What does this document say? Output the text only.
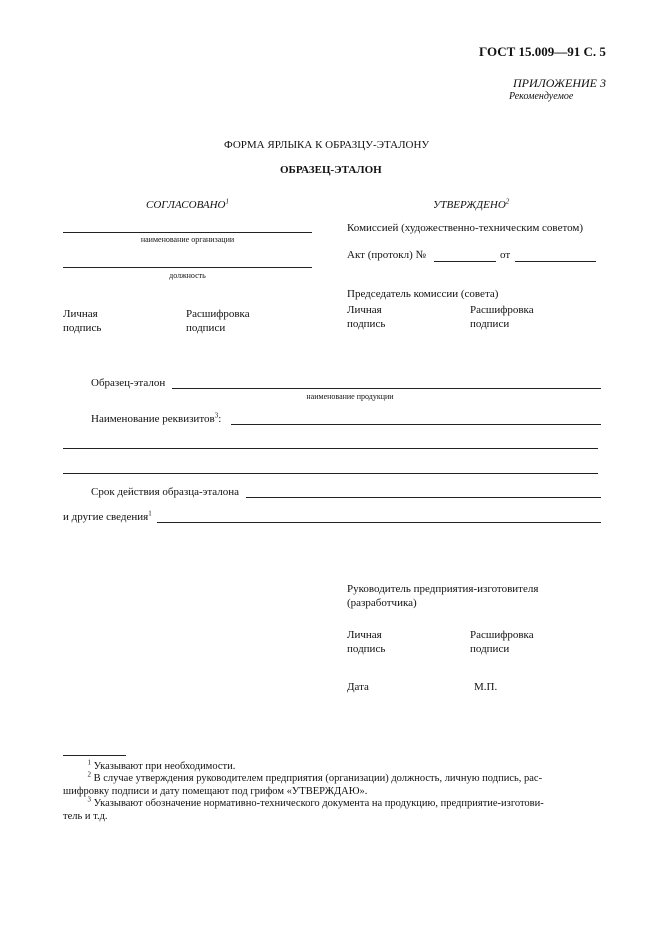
ГОСТ 15.009—91 С. 5
ПРИЛОЖЕНИЕ 3
Рекомендуемое
ФОРМА ЯРЛЫКА К ОБРАЗЦУ-ЭТАЛОНУ
ОБРАЗЕЦ-ЭТАЛОН
СОГЛАСОВАНО$^1$
наименование организации
должность
Личная
подпись
Расшифровка
подписи
УТВЕРЖДЕНО$^2$
Комиссией (художественно-техническим советом)
Акт (протокл) №	от
Председатель комиссии (совета)
Личная
подпись
Расшифровка
подписи
Образец-эталон
наименование продукции
Наименование реквизитов$^3$:
Срок действия образца-эталона
и другие сведения$^1$
Руководитель предприятия-изготовителя
(разработчика)
Личная
подпись
Расшифровка
подписи
Дата	М.П.
$^1$ Указывают при необходимости.
$^2$ В случае утверждения руководителем предприятия (организации) должность, личную подпись, рас-
шифровку подписи и дату помещают под грифом «УТВЕРЖДАЮ».
$^3$ Указывают обозначение нормативно-технического документа на продукцию, предприятие-изготови-
тель и т.д.
